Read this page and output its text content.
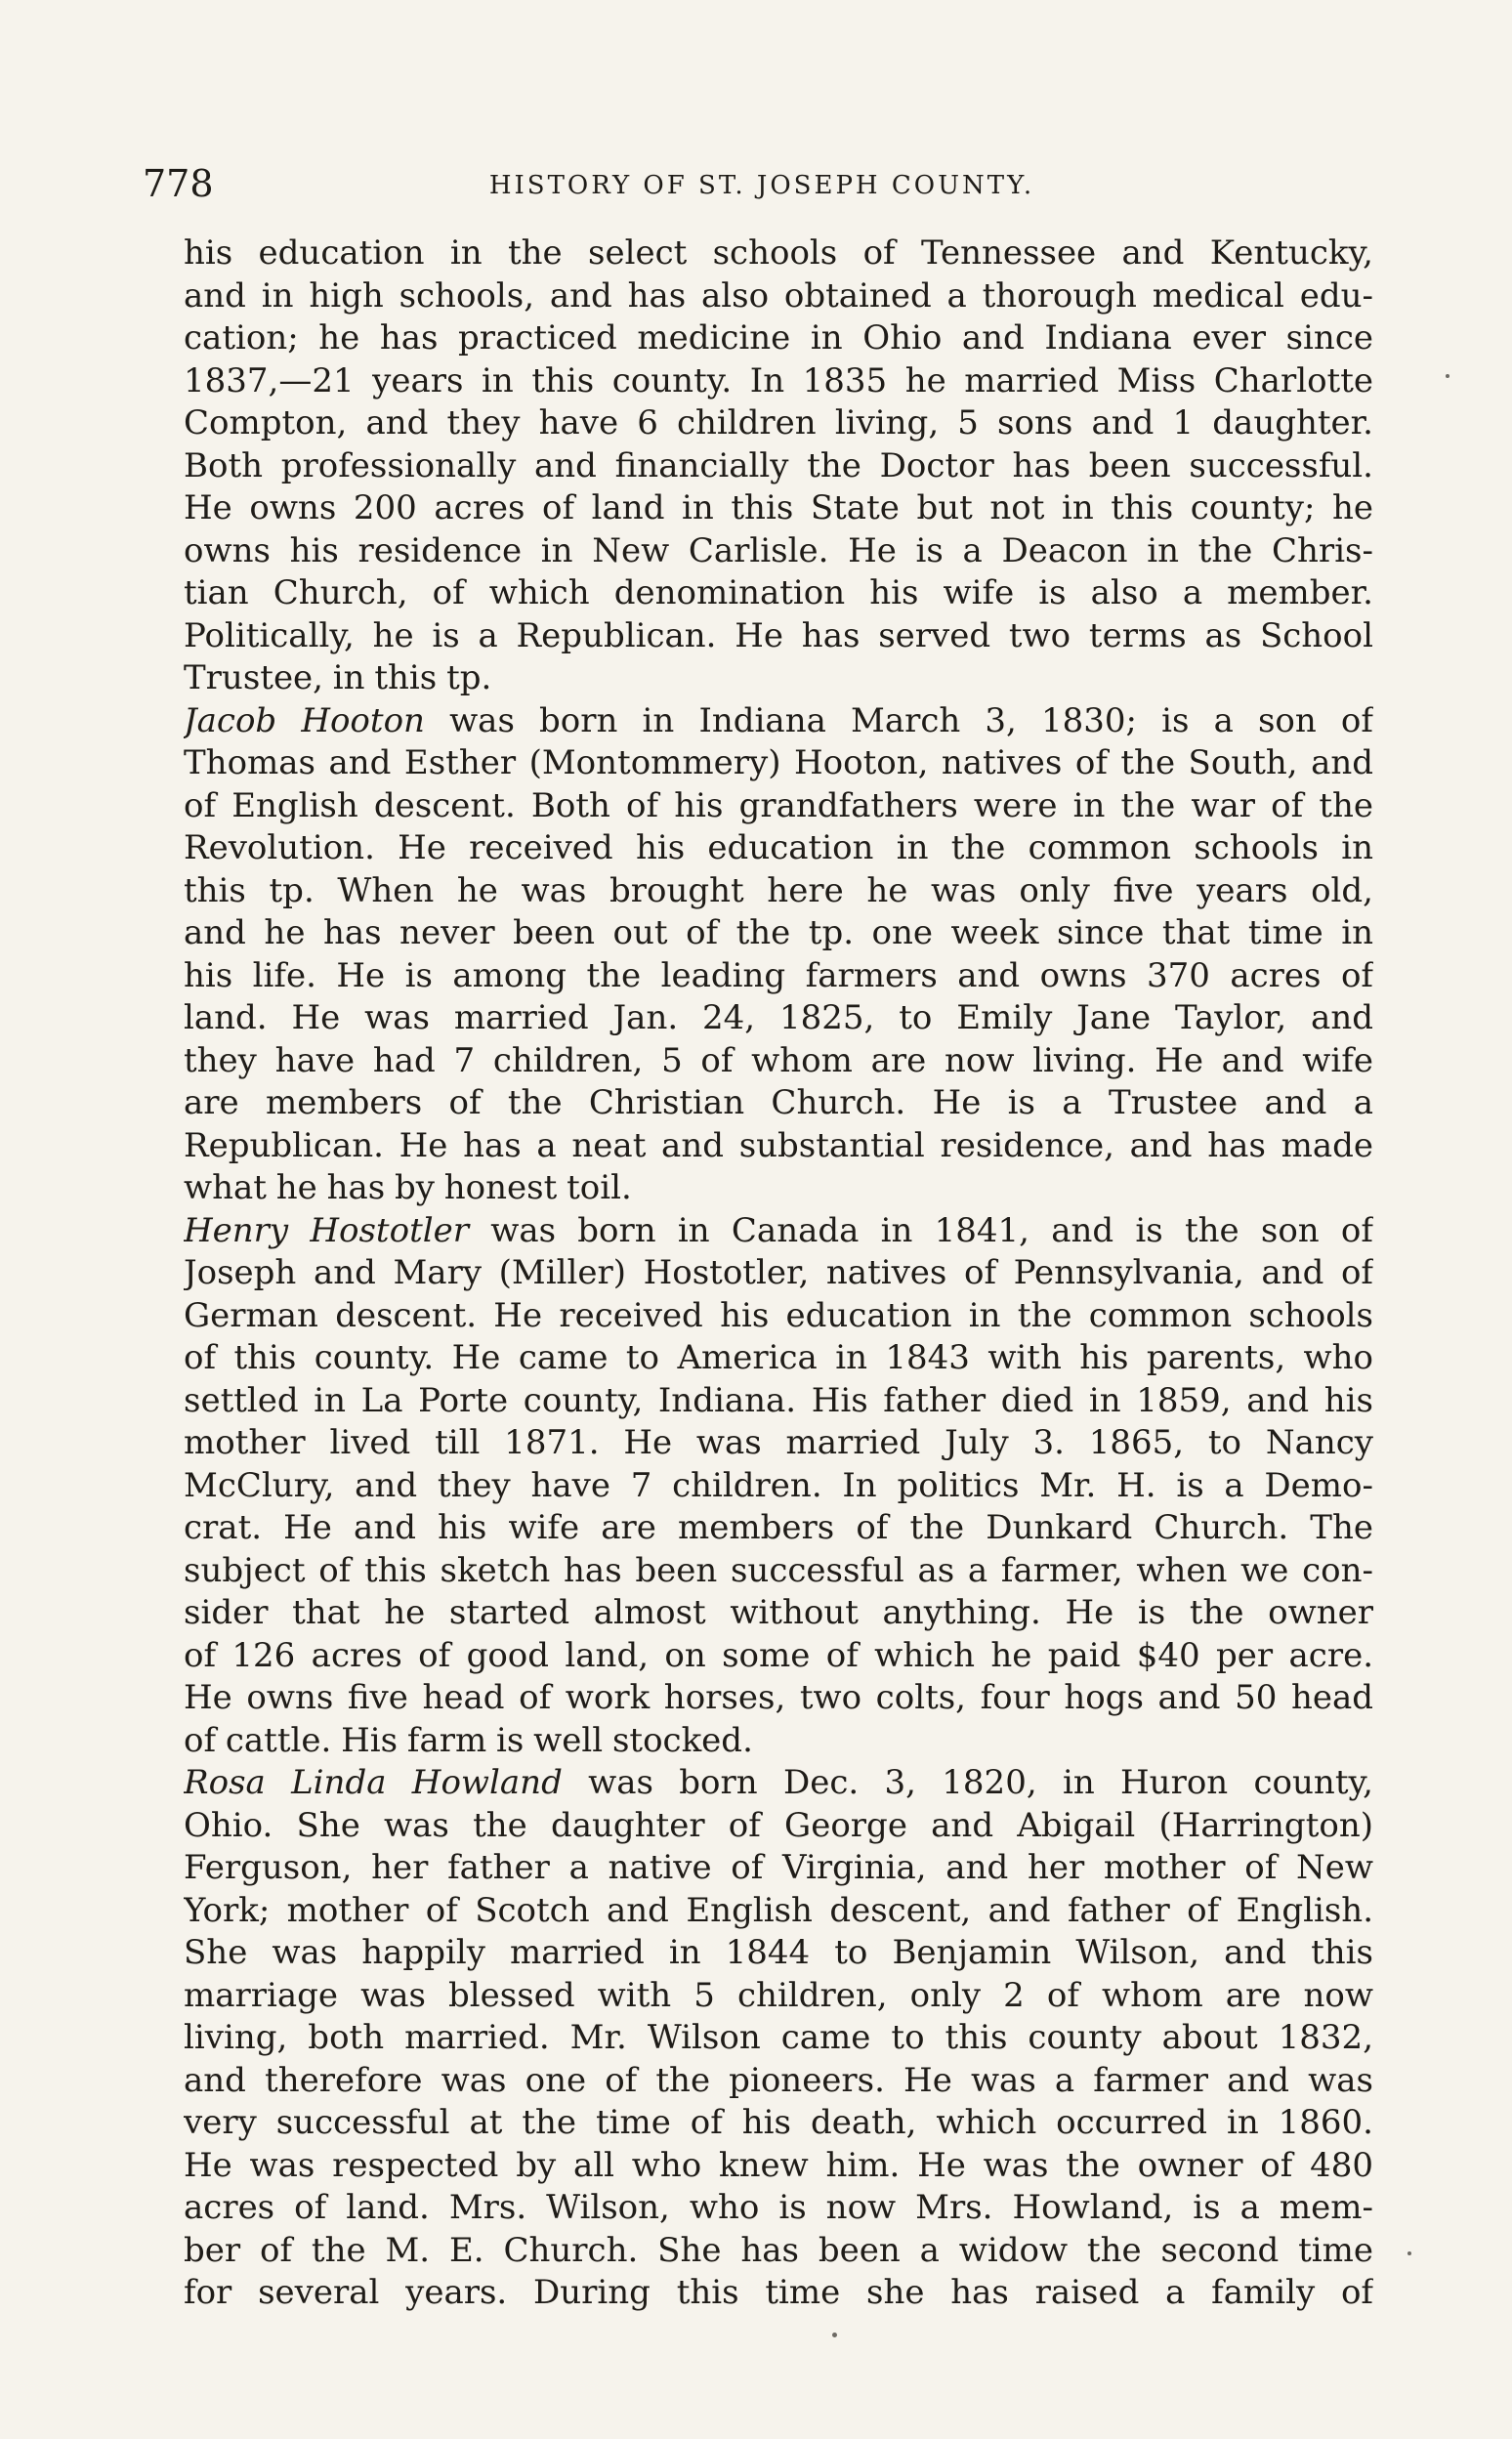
778	HISTORY OF ST. JOSEPH COUNTY.
his education in the select schools of Tennessee and Kentucky,
and in high schools, and has also obtained a thorough medical edu-
cation; he has practiced medicine in Ohio and Indiana ever since
1837,—21 years in this county. In 1835 he married Miss Charlotte
Compton, and they have 6 children living, 5 sons and 1 daughter.
Both professionally and financially the Doctor has been successful.
He owns 200 acres of land in this State but not in this county; he
owns his residence in New Carlisle. He is a Deacon in the Chris-
tian Church, of which denomination his wife is also a member.
Politically, he is a Republican. He has served two terms as School
Trustee, in this tp.
Jacob Hooton was born in Indiana March 3, 1830; is a son of
Thomas and Esther (Montommery) Hooton, natives of the South, and
of English descent. Both of his grandfathers were in the war of the
Revolution. He received his education in the common schools in
this tp. When he was brought here he was only five years old,
and he has never been out of the tp. one week since that time in
his life. He is among the leading farmers and owns 370 acres of
land. He was married Jan. 24, 1825, to Emily Jane Taylor, and
they have had 7 children, 5 of whom are now living. He and wife
are members of the Christian Church. He is a Trustee and a
Republican. He has a neat and substantial residence, and has made
what he has by honest toil.
Henry Hostotler was born in Canada in 1841, and is the son of
Joseph and Mary (Miller) Hostotler, natives of Pennsylvania, and of
German descent. He received his education in the common schools
of this county. He came to America in 1843 with his parents, who
settled in La Porte county, Indiana. His father died in 1859, and his
mother lived till 1871. He was married July 3. 1865, to Nancy
McClury, and they have 7 children. In politics Mr. H. is a Demo-
crat. He and his wife are members of the Dunkard Church. The
subject of this sketch has been successful as a farmer, when we con-
sider that he started almost without anything. He is the owner
of 126 acres of good land, on some of which he paid $40 per acre.
He owns five head of work horses, two colts, four hogs and 50 head
of cattle. His farm is well stocked.
Rosa Linda Howland was born Dec. 3, 1820, in Huron county,
Ohio. She was the daughter of George and Abigail (Harrington)
Ferguson, her father a native of Virginia, and her mother of New
York; mother of Scotch and English descent, and father of English.
She was happily married in 1844 to Benjamin Wilson, and this
marriage was blessed with 5 children, only 2 of whom are now
living, both married. Mr. Wilson came to this county about 1832,
and therefore was one of the pioneers. He was a farmer and was
very successful at the time of his death, which occurred in 1860.
He was respected by all who knew him. He was the owner of 480
acres of land. Mrs. Wilson, who is now Mrs. Howland, is a mem-
ber of the M. E. Church. She has been a widow the second time
for several years. During this time she has raised a family of
